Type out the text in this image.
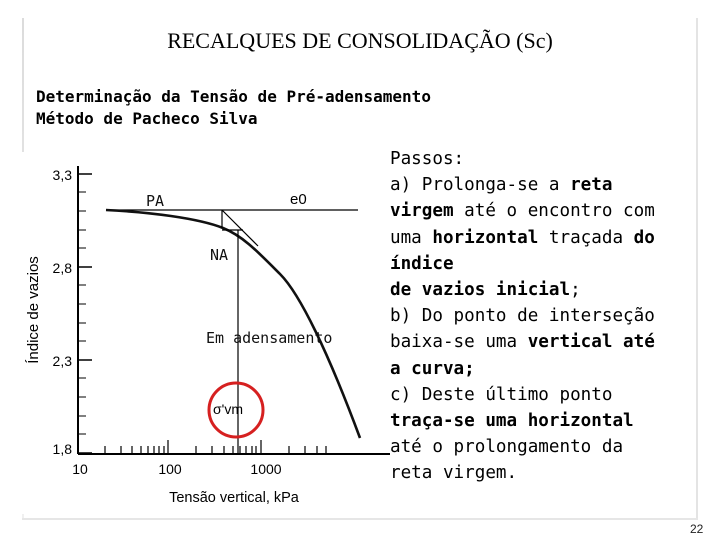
RECALQUES DE CONSOLIDAÇÃO (Sc)
Determinação da Tensão de Pré-adensamento
Método de Pacheco Silva
3,3
2,8
2,3
1,8
10	100	1000
Tensão vertical, kPa
Índice de vazios
e0
σ'vm
PA
NA
Em adensamento
Passos:
a) Prolonga-se a reta
virgem até o encontro com
uma horizontal traçada do
índice
de vazios inicial;
b) Do ponto de interseção
baixa-se uma vertical até
a curva;
c) Deste último ponto
traça-se uma horizontal
até o prolongamento da
reta virgem.
22
